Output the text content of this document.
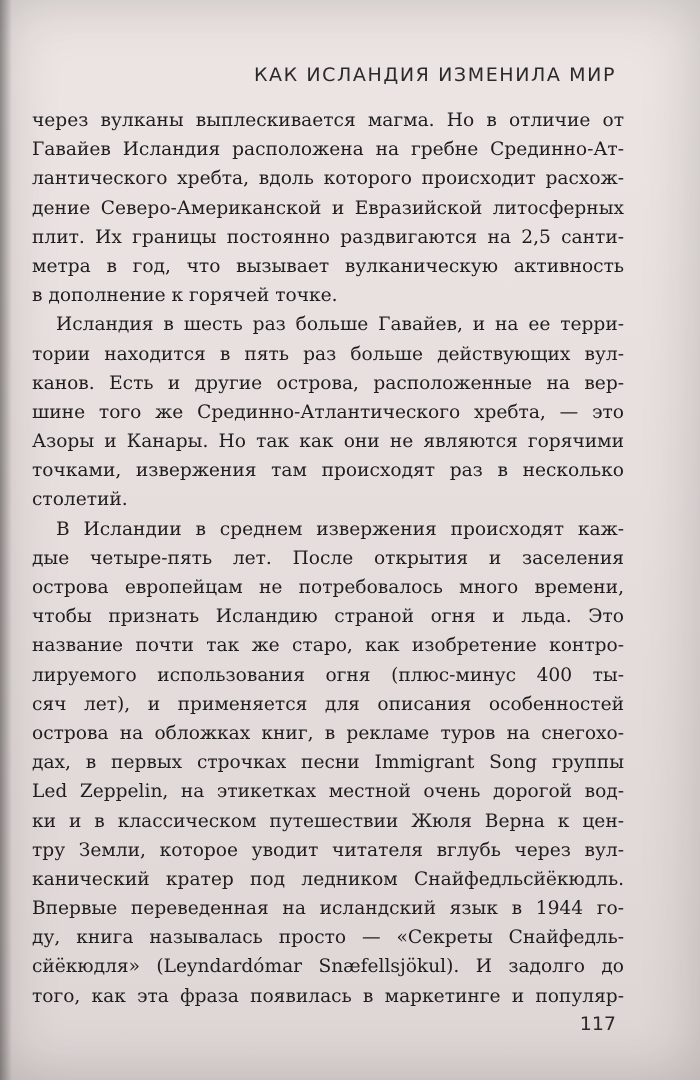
КАК ИСЛАНДИЯ ИЗМЕНИЛА МИР
через вулканы выплескивается магма. Но в отличие от
Гавайев Исландия расположена на гребне Срединно-Ат-
лантического хребта, вдоль которого происходит расхож-
дение Северо-Американской и Евразийской литосферных
плит. Их границы постоянно раздвигаются на 2,5 санти-
метра в год, что вызывает вулканическую активность
в дополнение к горячей точке.
Исландия в шесть раз больше Гавайев, и на ее терри-
тории находится в пять раз больше действующих вул-
канов. Есть и другие острова, расположенные на вер-
шине того же Срединно-Атлантического хребта, — это
Азоры и Канары. Но так как они не являются горячими
точками, извержения там происходят раз в несколько
столетий.
В Исландии в среднем извержения происходят каж-
дые четыре-пять лет. После открытия и заселения
острова европейцам не потребовалось много времени,
чтобы признать Исландию страной огня и льда. Это
название почти так же старо, как изобретение контро-
лируемого использования огня (плюс-минус 400 ты-
сяч лет), и применяется для описания особенностей
острова на обложках книг, в рекламе туров на снегохо-
дах, в первых строчках песни Immigrant Song группы
Led Zeppelin, на этикетках местной очень дорогой вод-
ки и в классическом путешествии Жюля Верна к цен-
тру Земли, которое уводит читателя вглубь через вул-
канический кратер под ледником Снайфедльсйёкюдль.
Впервые переведенная на исландский язык в 1944 го-
ду, книга называлась просто — «Секреты Снайфедль-
сйёкюдля» (Leyndardómar Snæfellsjökul). И задолго до
того, как эта фраза появилась в маркетинге и популяр-
117
